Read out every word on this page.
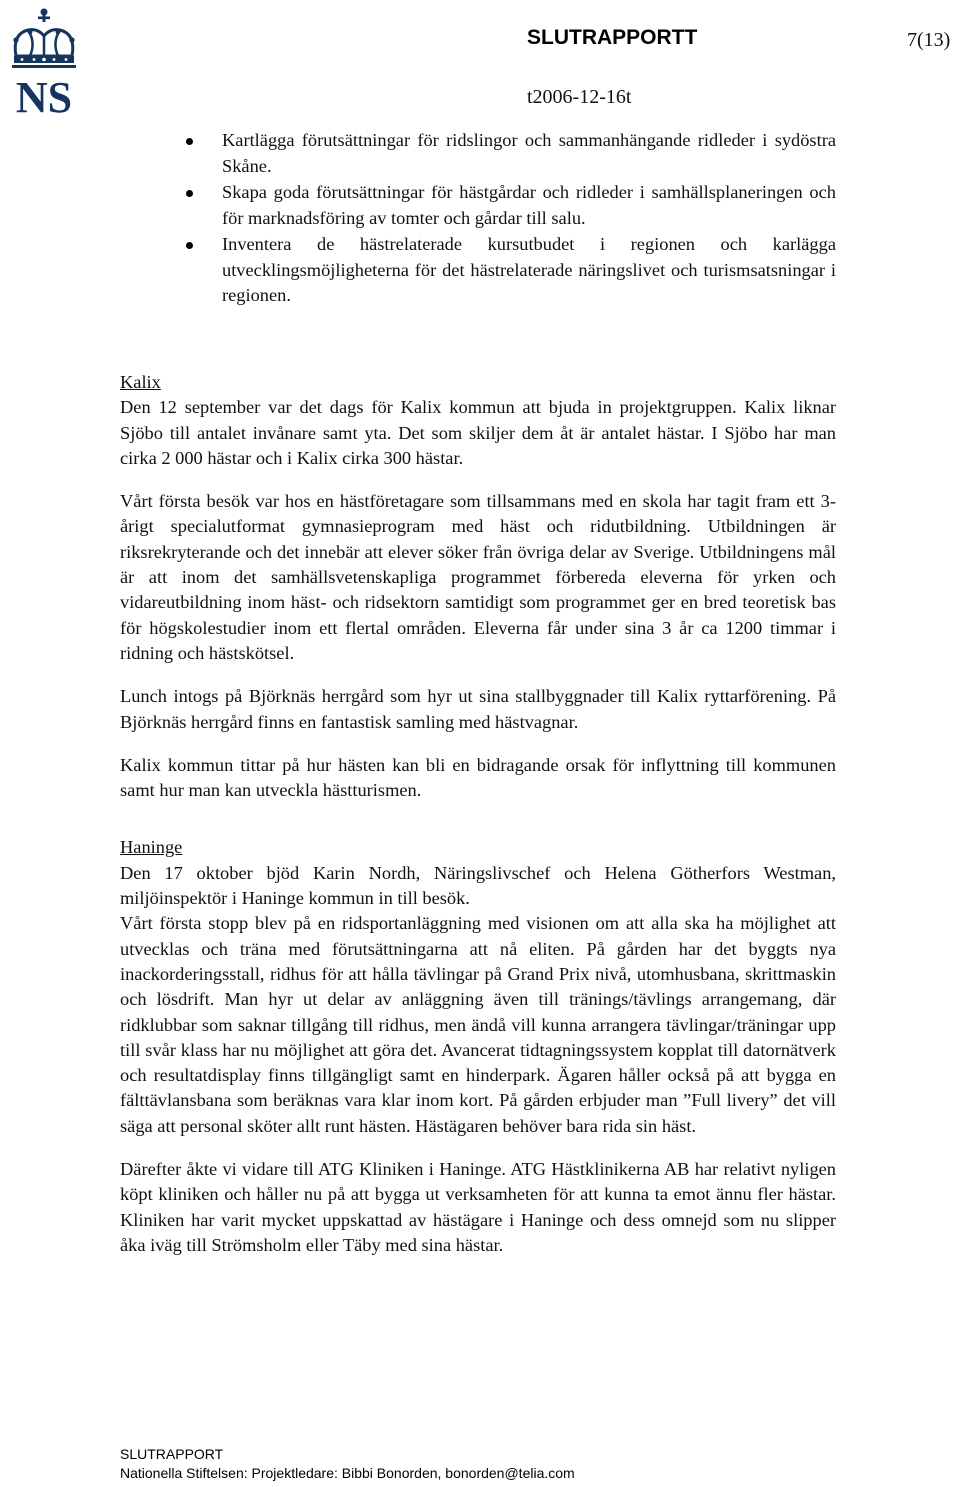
NS
SLUTRAPPORTT	7(13)
t2006-12-16t
Kartlägga förutsättningar för ridslingor och sammanhängande ridleder i sydöstra Skåne.
Skapa goda förutsättningar för hästgårdar och ridleder i samhällsplaneringen och för marknadsföring av tomter och gårdar till salu.
Inventera de hästrelaterade kursutbudet i regionen och karlägga utvecklingsmöjligheterna för det hästrelaterade näringslivet och turismsatsningar i regionen.

Kalix

Den 12 september var det dags för Kalix kommun att bjuda in projektgruppen. Kalix liknar Sjöbo till antalet invånare samt yta. Det som skiljer dem åt är antalet hästar. I Sjöbo har man cirka 2 000 hästar och i Kalix cirka 300 hästar.

Vårt första besök var hos en hästföretagare som tillsammans med en skola har tagit fram ett 3-årigt specialutformat gymnasieprogram med häst och ridutbildning. Utbildningen är riksrekryterande och det innebär att elever söker från övriga delar av Sverige. Utbildningens mål är att inom det samhällsvetenskapliga programmet förbereda eleverna för yrken och vidareutbildning inom häst- och ridsektorn samtidigt som programmet ger en bred teoretisk bas för högskolestudier inom ett flertal områden. Eleverna får under sina 3 år ca 1200 timmar i ridning och hästskötsel.

Lunch intogs på Björknäs herrgård som hyr ut sina stallbyggnader till Kalix ryttarförening. På Björknäs herrgård finns en fantastisk samling med hästvagnar.

Kalix kommun tittar på hur hästen kan bli en bidragande orsak för inflyttning till kommunen samt hur man kan utveckla hästturismen.

Haninge

Den 17 oktober bjöd Karin Nordh, Näringslivschef och Helena Götherfors Westman, miljöinspektör i Haninge kommun in till besök.

Vårt första stopp blev på en ridsportanläggning med visionen om att alla ska ha möjlighet att utvecklas och träna med förutsättningarna att nå eliten. På gården har det byggts nya inackorderingsstall, ridhus för att hålla tävlingar på Grand Prix nivå, utomhusbana, skrittmaskin och lösdrift. Man hyr ut delar av anläggning även till tränings/tävlings arrangemang, där ridklubbar som saknar tillgång till ridhus, men ändå vill kunna arrangera tävlingar/träningar upp till svår klass har nu möjlighet att göra det. Avancerat tidtagningssystem kopplat till datornätverk och resultatdisplay finns tillgängligt samt en hinderpark. Ägaren håller också på att bygga en fälttävlansbana som beräknas vara klar inom kort. På gården erbjuder man ”Full livery” det vill säga att personal sköter allt runt hästen. Hästägaren behöver bara rida sin häst.

Därefter åkte vi vidare till ATG Kliniken i Haninge. ATG Hästklinikerna AB har relativt nyligen köpt kliniken och håller nu på att bygga ut verksamheten för att kunna ta emot ännu fler hästar. Kliniken har varit mycket uppskattad av hästägare i Haninge och dess omnejd som nu slipper åka iväg till Strömsholm eller Täby med sina hästar.

SLUTRAPPORT
Nationella Stiftelsen: Projektledare: Bibbi Bonorden, bonorden@telia.com
